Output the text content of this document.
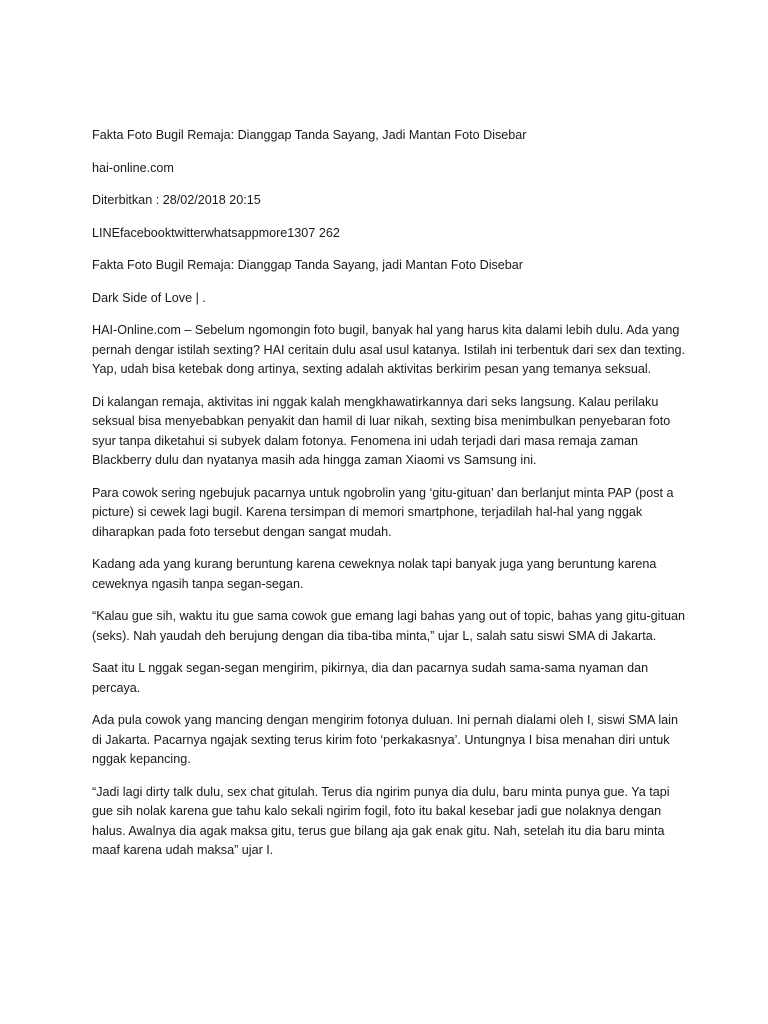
Fakta Foto Bugil Remaja: Dianggap Tanda Sayang, Jadi Mantan Foto Disebar

hai-online.com

Diterbitkan : 28/02/2018 20:15

LINEfacebooktwitterwhatsappmore1307 262

Fakta Foto Bugil Remaja: Dianggap Tanda Sayang, jadi Mantan Foto Disebar

Dark Side of Love | .

HAI-Online.com – Sebelum ngomongin foto bugil, banyak hal yang harus kita dalami lebih dulu. Ada yang pernah dengar istilah sexting? HAI ceritain dulu asal usul katanya. Istilah ini terbentuk dari sex dan texting. Yap, udah bisa ketebak dong artinya, sexting adalah aktivitas berkirim pesan yang temanya seksual.

Di kalangan remaja, aktivitas ini nggak kalah mengkhawatirkannya dari seks langsung. Kalau perilaku seksual bisa menyebabkan penyakit dan hamil di luar nikah, sexting bisa menimbulkan penyebaran foto syur tanpa diketahui si subyek dalam fotonya. Fenomena ini udah terjadi dari masa remaja zaman Blackberry dulu dan nyatanya masih ada hingga zaman Xiaomi vs Samsung ini.

Para cowok sering ngebujuk pacarnya untuk ngobrolin yang ‘gitu-gituan’ dan berlanjut minta PAP (post a picture) si cewek lagi bugil. Karena tersimpan di memori smartphone, terjadilah hal-hal yang nggak diharapkan pada foto tersebut dengan sangat mudah.

Kadang ada yang kurang beruntung karena ceweknya nolak tapi banyak juga yang beruntung karena ceweknya ngasih tanpa segan-segan.

“Kalau gue sih, waktu itu gue sama cowok gue emang lagi bahas yang out of topic, bahas yang gitu-gituan (seks). Nah yaudah deh berujung dengan dia tiba-tiba minta,” ujar L, salah satu siswi SMA di Jakarta.

Saat itu L nggak segan-segan mengirim, pikirnya, dia dan pacarnya sudah sama-sama nyaman dan percaya.

Ada pula cowok yang mancing dengan mengirim fotonya duluan. Ini pernah dialami oleh I, siswi SMA lain di Jakarta. Pacarnya ngajak sexting terus kirim foto ‘perkakasnya’. Untungnya I bisa menahan diri untuk nggak kepancing.

“Jadi lagi dirty talk dulu, sex chat gitulah. Terus dia ngirim punya dia dulu, baru minta punya gue. Ya tapi gue sih nolak karena gue tahu kalo sekali ngirim fogil, foto itu bakal kesebar jadi gue nolaknya dengan halus. Awalnya dia agak maksa gitu, terus gue bilang aja gak enak gitu. Nah, setelah itu dia baru minta maaf karena udah maksa” ujar I.
